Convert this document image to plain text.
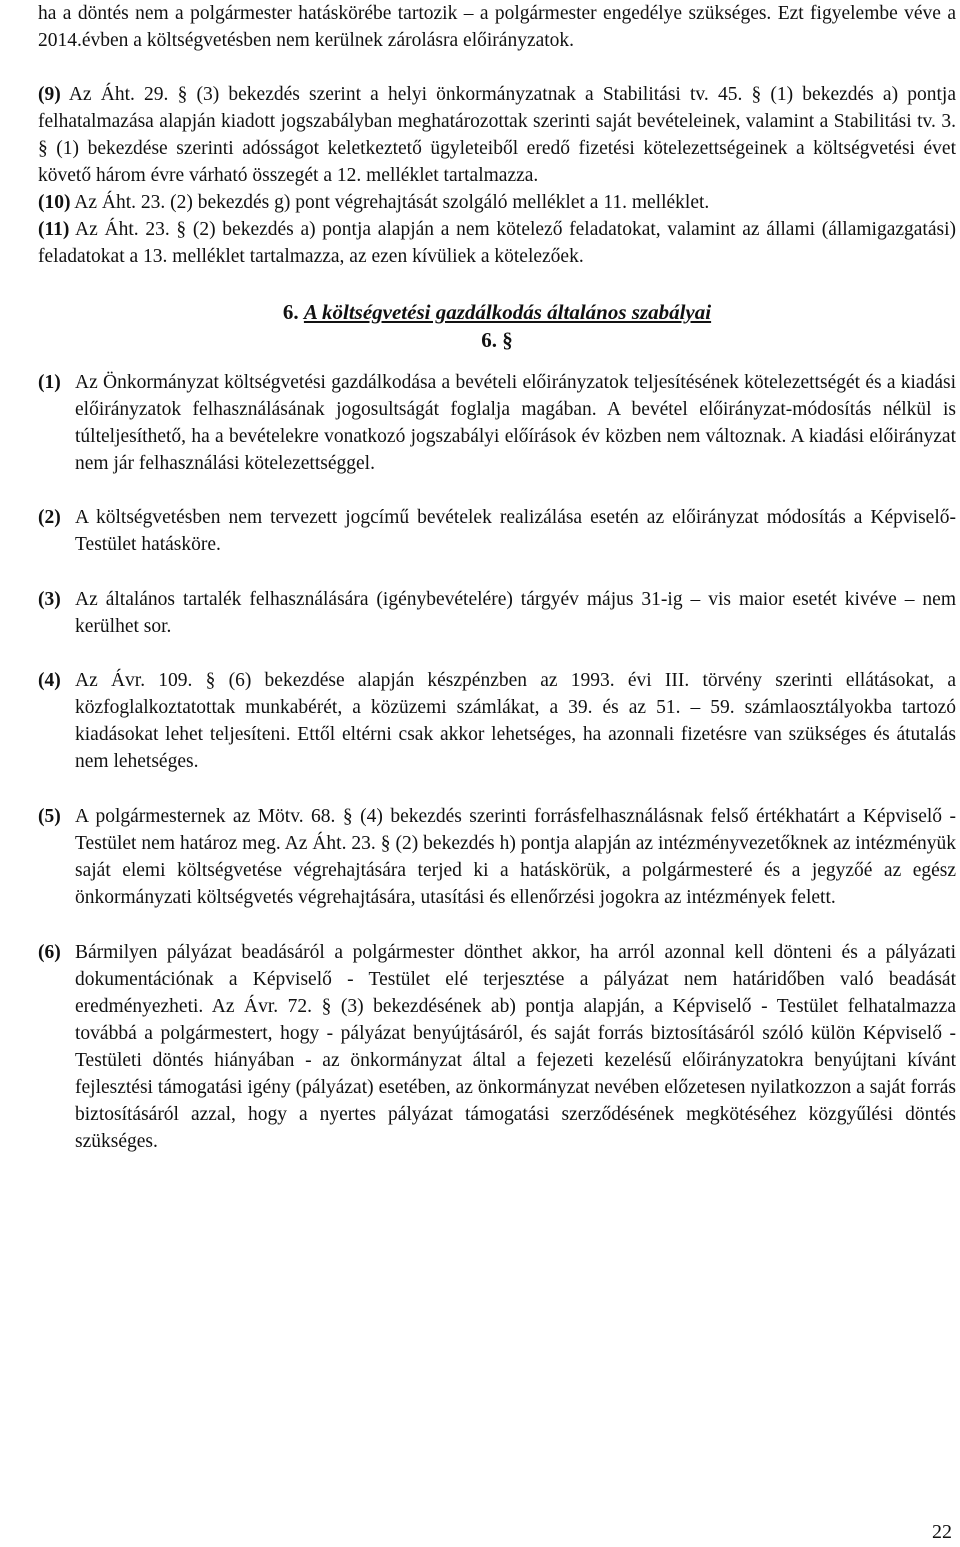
ha a döntés nem a polgármester hatáskörébe tartozik – a polgármester engedélye szükséges. Ezt figyelembe véve a 2014.évben a költségvetésben nem kerülnek zárolásra előirányzatok.

(9) Az Áht. 29. § (3) bekezdés szerint a helyi önkormányzatnak a Stabilitási tv. 45. § (1) bekezdés a) pontja felhatalmazása alapján kiadott jogszabályban meghatározottak szerinti saját bevételeinek, valamint a Stabilitási tv. 3. § (1) bekezdése szerinti adósságot keletkeztető ügyleteiből eredő fizetési kötelezettségeinek a költségvetési évet követő három évre várható összegét a 12. melléklet tartalmazza.

(10) Az Áht. 23. (2) bekezdés g) pont végrehajtását szolgáló melléklet a 11. melléklet.

(11) Az Áht. 23. § (2) bekezdés a) pontja alapján a nem kötelező feladatokat, valamint az állami (államigazgatási) feladatokat a 13. melléklet tartalmazza, az ezen kívüliek a kötelezőek.

6. A költségvetési gazdálkodás általános szabályai
6. §
(1) Az Önkormányzat költségvetési gazdálkodása a bevételi előirányzatok teljesítésének kötelezettségét és a kiadási előirányzatok felhasználásának jogosultságát foglalja magában. A bevétel előirányzat-módosítás nélkül is túlteljesíthető, ha a bevételekre vonatkozó jogszabályi előírások év közben nem változnak. A kiadási előirányzat nem jár felhasználási kötelezettséggel.
(2) A költségvetésben nem tervezett jogcímű bevételek realizálása esetén az előirányzat módosítás a Képviselő-Testület hatásköre.
(3) Az általános tartalék felhasználására (igénybevételére) tárgyév május 31-ig – vis maior esetét kivéve – nem kerülhet sor.
(4) Az Ávr. 109. § (6) bekezdése alapján készpénzben az 1993. évi III. törvény szerinti ellátásokat, a közfoglalkoztatottak munkabérét, a közüzemi számlákat, a 39. és az 51. – 59. számlaosztályokba tartozó kiadásokat lehet teljesíteni. Ettől eltérni csak akkor lehetséges, ha azonnali fizetésre van szükséges és átutalás nem lehetséges.
(5) A polgármesternek az Mötv. 68. § (4) bekezdés szerinti forrásfelhasználásnak felső értékhatárt a Képviselő - Testület nem határoz meg. Az Áht. 23. § (2) bekezdés h) pontja alapján az intézményvezetőknek az intézményük saját elemi költségvetése végrehajtására terjed ki a hatáskörük, a polgármesteré és a jegyzőé az egész önkormányzati költségvetés végrehajtására, utasítási és ellenőrzési jogokra az intézmények felett.
(6) Bármilyen pályázat beadásáról a polgármester dönthet akkor, ha arról azonnal kell dönteni és a pályázati dokumentációnak a Képviselő - Testület elé terjesztése a pályázat nem határidőben való beadását eredményezheti. Az Ávr. 72. § (3) bekezdésének ab) pontja alapján, a Képviselő - Testület felhatalmazza továbbá a polgármestert, hogy - pályázat benyújtásáról, és saját forrás biztosításáról szóló külön Képviselő - Testületi döntés hiányában - az önkormányzat által a fejezeti kezelésű előirányzatokra benyújtani kívánt fejlesztési támogatási igény (pályázat) esetében, az önkormányzat nevében előzetesen nyilatkozzon a saját forrás biztosításáról azzal, hogy a nyertes pályázat támogatási szerződésének megkötéséhez közgyűlési döntés szükséges.
22
